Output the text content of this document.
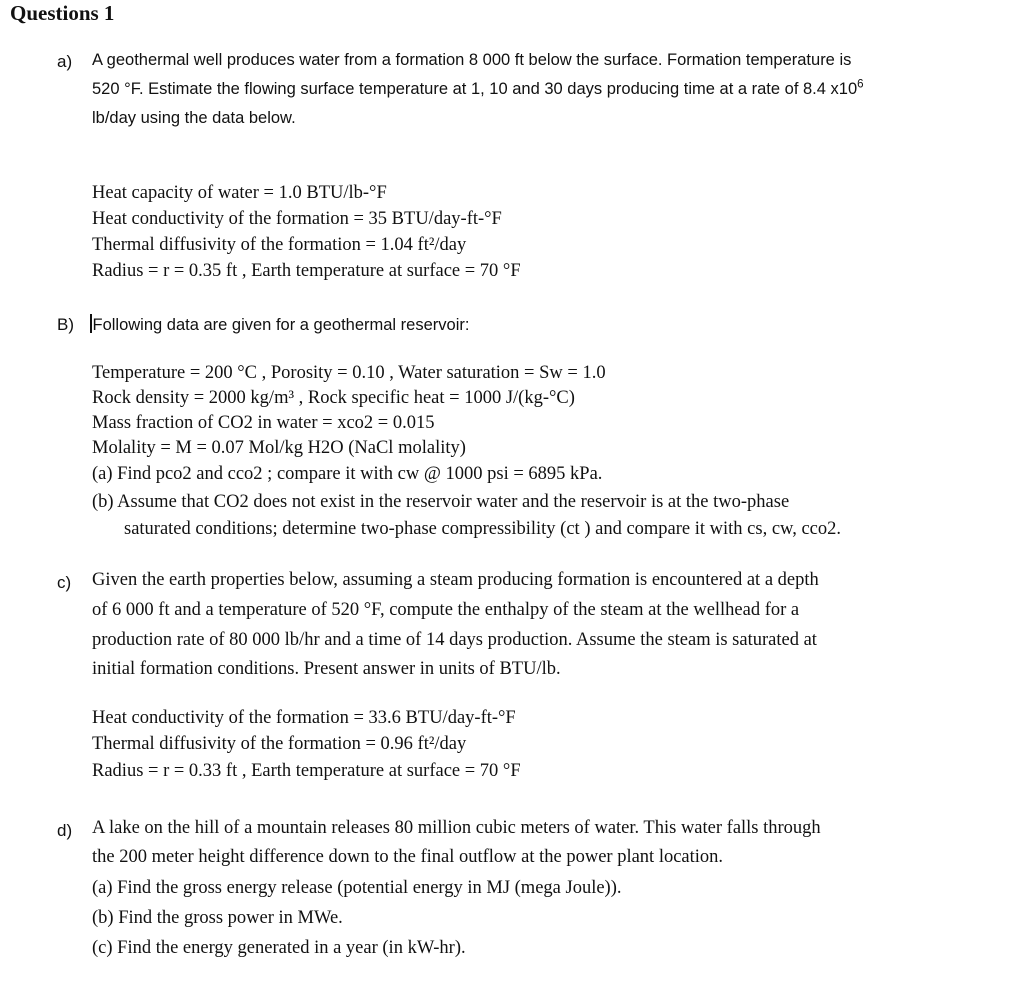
Questions 1
a) A geothermal well produces water from a formation 8 000 ft below the surface. Formation temperature is
520 °F. Estimate the flowing surface temperature at 1, 10 and 30 days producing time at a rate of 8.4 $x10^6$
lb/day using the data below.
Heat capacity of water = 1.0 BTU/lb-°F
Heat conductivity of the formation = 35 BTU/day-ft-°F
Thermal diffusivity of the formation = 1.04 ft²/day
Radius = r = 0.35 ft , Earth temperature at surface = 70 °F
B) Following data are given for a geothermal reservoir:
Temperature = 200 °C , Porosity = 0.10 , Water saturation = Sw = 1.0
Rock density = 2000 kg/m³ , Rock specific heat = 1000 J/(kg-°C)
Mass fraction of CO2 in water = xco2 = 0.015
Molality = M = 0.07 Mol/kg H2O (NaCl molality)
(a) Find pco2 and cco2 ; compare it with cw @ 1000 psi = 6895 kPa.
(b) Assume that CO2 does not exist in the reservoir water and the reservoir is at the two-phase
saturated conditions; determine two-phase compressibility (ct ) and compare it with cs, cw, cco2.
c) Given the earth properties below, assuming a steam producing formation is encountered at a depth
of 6 000 ft and a temperature of 520 °F, compute the enthalpy of the steam at the wellhead for a
production rate of 80 000 lb/hr and a time of 14 days production. Assume the steam is saturated at
initial formation conditions. Present answer in units of BTU/lb.
Heat conductivity of the formation = 33.6 BTU/day-ft-°F
Thermal diffusivity of the formation = 0.96 ft²/day
Radius = r = 0.33 ft , Earth temperature at surface = 70 °F
d) A lake on the hill of a mountain releases 80 million cubic meters of water. This water falls through
the 200 meter height difference down to the final outflow at the power plant location.
(a) Find the gross energy release (potential energy in MJ (mega Joule)).
(b) Find the gross power in MWe.
(c) Find the energy generated in a year (in kW-hr).
